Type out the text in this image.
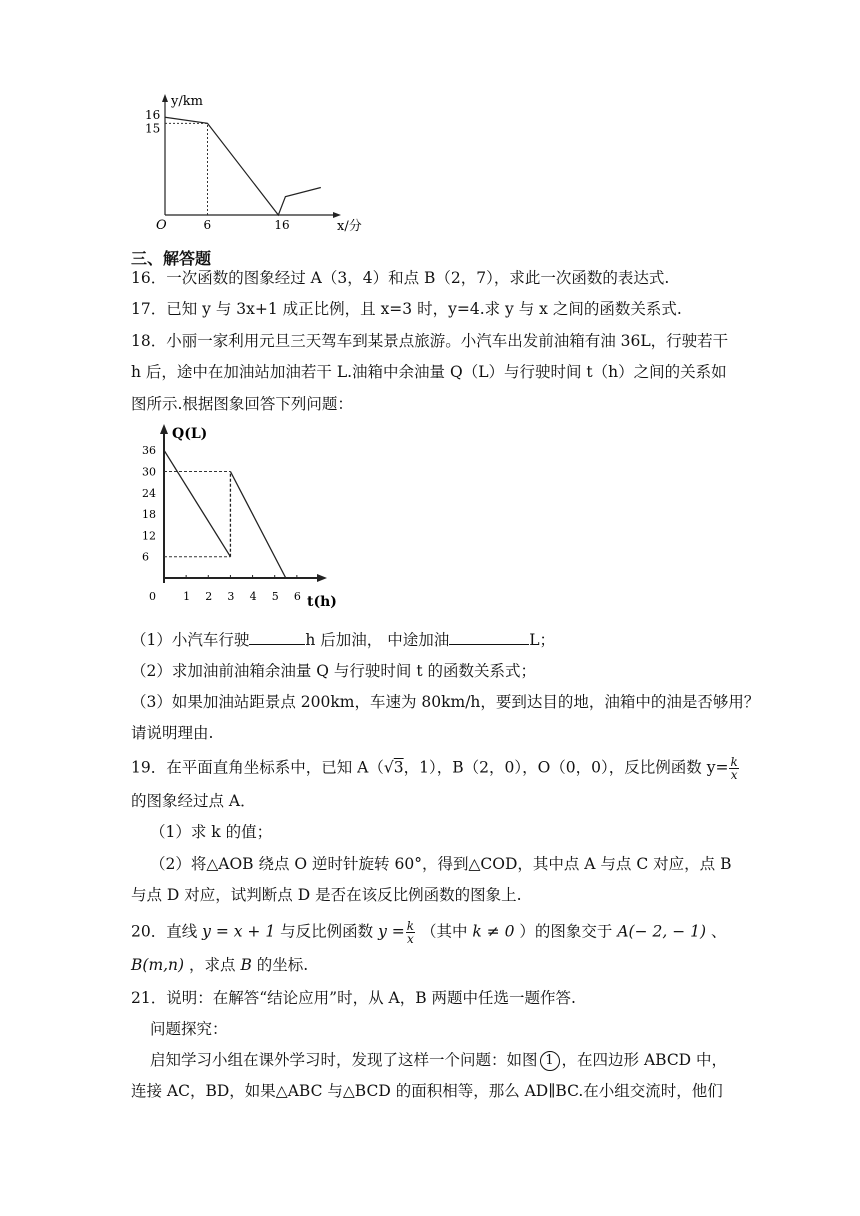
y/km
x/分
O	6	16
16
15
三、解答题
16．一次函数的图象经过 A（3，4）和点 B（2，7），求此一次函数的表达式.
17．已知 y 与 3x+1 成正比例，且 x=3 时，y=4.求 y 与 x 之间的函数关系式.
18．小丽一家利用元旦三天驾车到某景点旅游。小汽车出发前油箱有油 36L，行驶若干
h 后，途中在加油站加油若干 L.油箱中余油量 Q（L）与行驶时间 t（h）之间的关系如
图所示.根据图象回答下列问题：
Q(L)
t(h)
0 1 2 3 4 5 6
36
30
24
18
12
6
（1）小汽车行驶	h 后加油， 中途加油	L；
（2）求加油前油箱余油量 Q 与行驶时间 t 的函数关系式；
（3）如果加油站距景点 200km，车速为 80km/h，要到达目的地，油箱中的油是否够用？
请说明理由.
19．在平面直角坐标系中，已知 A（√3，1），B（2，0），O（0，0），反比例函数 $y= \frac{k}{x}$
的图象经过点 A．
（1）求 k 的值；
（2）将△AOB 绕点 O 逆时针旋转 60°，得到△COD，其中点 A 与点 C 对应，点 B
与点 D 对应，试判断点 D 是否在该反比例函数的图象上.
20．直线 y = x + 1 与反比例函数 $y = \frac{k}{x}$ （其中 k ≠ 0 ）的图象交于 A(− 2, − 1) 、
B(m,n) ，求点 B 的坐标.
21．说明：在解答“结论应用”时，从 A，B 两题中任选一题作答.
问题探究：
启知学习小组在课外学习时，发现了这样一个问题：如图 1 ，在四边形 ABCD 中，
连接 AC，BD，如果△ABC 与△BCD 的面积相等，那么 AD∥BC.在小组交流时，他们
